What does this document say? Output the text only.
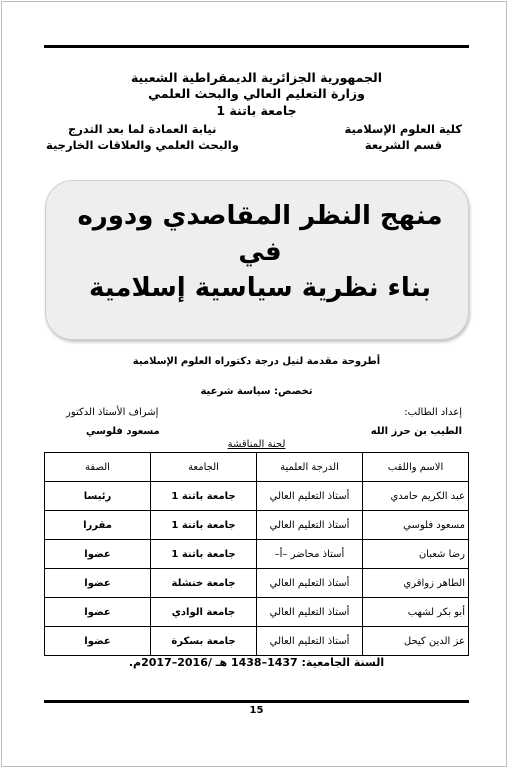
الجمهورية الجزائرية الديمقراطية الشعبية
وزارة التعليم العالي والبحث العلمي
جامعة باتنة 1
كلية العلوم الإسلامية
قسم الشريعة
نيابة العمادة لما بعد التدرج
والبحث العلمي والعلاقات الخارجية
منهج النظر المقاصدي ودوره في
بناء نظرية سياسية إسلامية
أطروحة مقدمة لنيل درجة دكتوراه العلوم الإسلامية
تخصص: سياسة شرعية
إعداد الطالب:
الطيب بن حرز الله
إشراف الأستاذ الدكتور
مسعود فلوسي
لجنة المناقشة
الاسم واللقب	الدرجة العلمية	الجامعة	الصفة
عبد الكريم حامدي	أستاذ التعليم العالي	جامعة باتنة 1	رئيسا
مسعود فلوسي	أستاذ التعليم العالي	جامعة باتنة 1	مقررا
رضا شعبان	أستاذ محاضر –أ–	جامعة باتنة 1	عضوا
الطاهر زواقري	أستاذ التعليم العالي	جامعة خنشلة	عضوا
أبو بكر لشهب	أستاذ التعليم العالي	جامعة الوادي	عضوا
عز الدين كيحل	أستاذ التعليم العالي	جامعة بسكرة	عضوا
السنة الجامعية: 1437–1438 هـ /2016–2017م.
15
